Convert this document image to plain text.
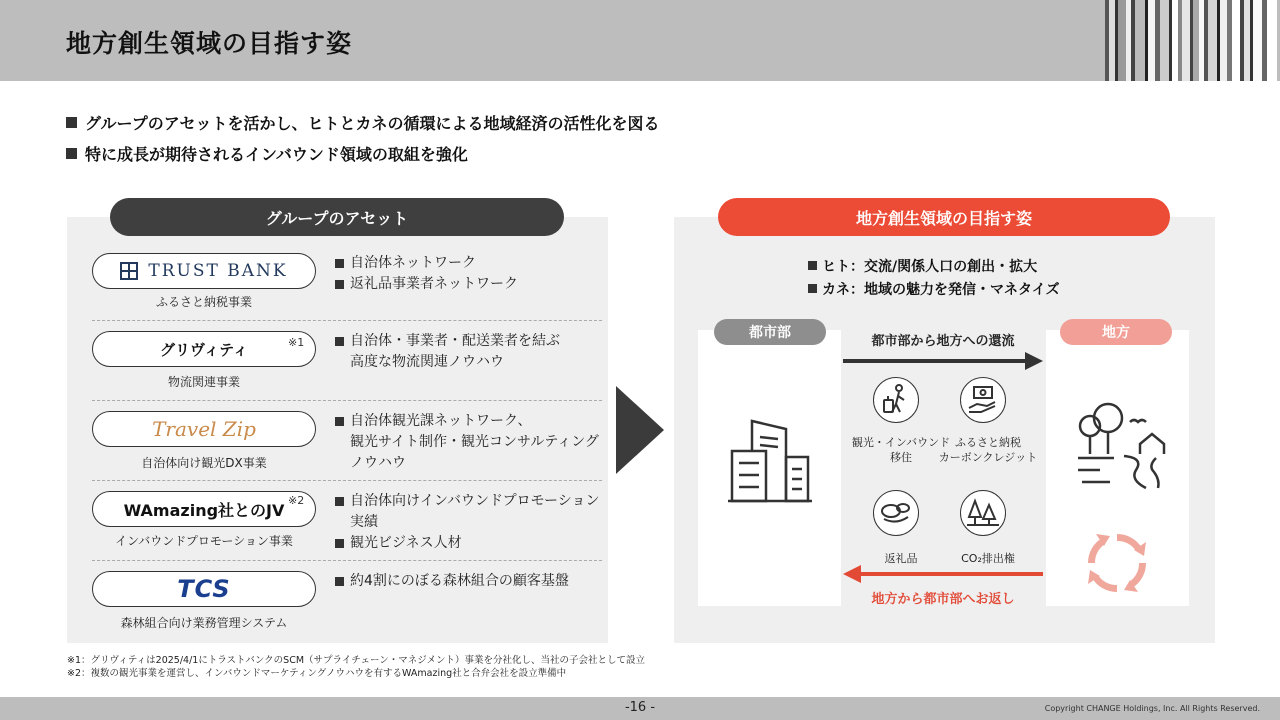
地方創生領域の目指す姿
グループのアセットを活かし、ヒトとカネの循環による地域経済の活性化を図る
特に成長が期待されるインバウンド領域の取組を強化
グループのアセット
TRUST BANK
ふるさと納税事業
自治体ネットワーク
返礼品事業者ネットワーク
グリヴィティ	※1
物流関連事業
自治体・事業者・配送業者を結ぶ
高度な物流関連ノウハウ
Travel Zip
自治体向け観光DX事業
自治体観光課ネットワーク、
観光サイト制作・観光コンサルティング
ノウハウ
WAmazing社とのJV ※2
インバウンドプロモーション事業
自治体向けインバウンドプロモーション
実績
観光ビジネス人材
TCS
森林組合向け業務管理システム
約4割にのぼる森林組合の顧客基盤
地方創生領域の目指す姿
ヒト：交流/関係人口の創出・拡大
カネ：地域の魅力を発信・マネタイズ
都市部	地方
都市部から地方への還流
地方から都市部へお返し
観光・インバウンド
移住
ふるさと納税
カーボンクレジット
返礼品	CO₂排出権
※1：グリヴィティは2025/4/1にトラストバンクのSCM（サプライチェーン・マネジメント）事業を分社化し、当社の子会社として設立
※2：複数の観光事業を運営し、インバウンドマーケティングノウハウを有するWAmazing社と合弁会社を設立準備中
-16 -	Copyright CHANGE Holdings, Inc. All Rights Reserved.
